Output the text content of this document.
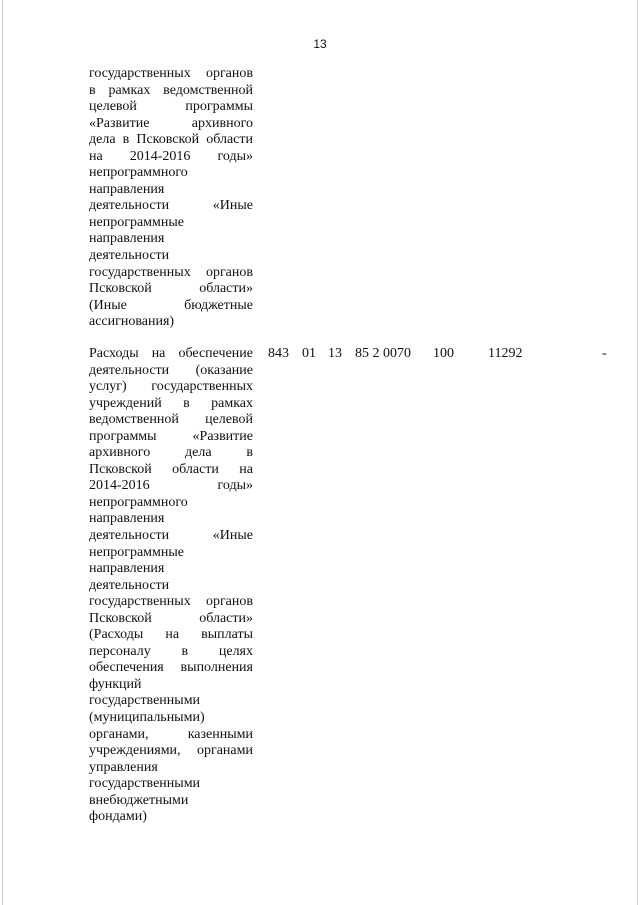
13
государственных органов
в рамках ведомственной
целевой программы
«Развитие архивного
дела в Псковской области
на 2014-2016 годы»
непрограммного
направления
деятельности «Иные
непрограммные
направления
деятельности
государственных органов
Псковской области»
(Иные бюджетные
ассигнования)
Расходы на обеспечение
деятельности (оказание
услуг) государственных
учреждений в рамках
ведомственной целевой
программы «Развитие
архивного дела в
Псковской области на
2014-2016 годы»
непрограммного
направления
деятельности «Иные
непрограммные
направления
деятельности
государственных органов
Псковской области»
(Расходы на выплаты
персоналу в целях
обеспечения выполнения
функций
государственными
(муниципальными)
органами, казенными
учреждениями, органами
управления
государственными
внебюджетными
фондами)
843 01 13 85 2 0070 100 11292	-
